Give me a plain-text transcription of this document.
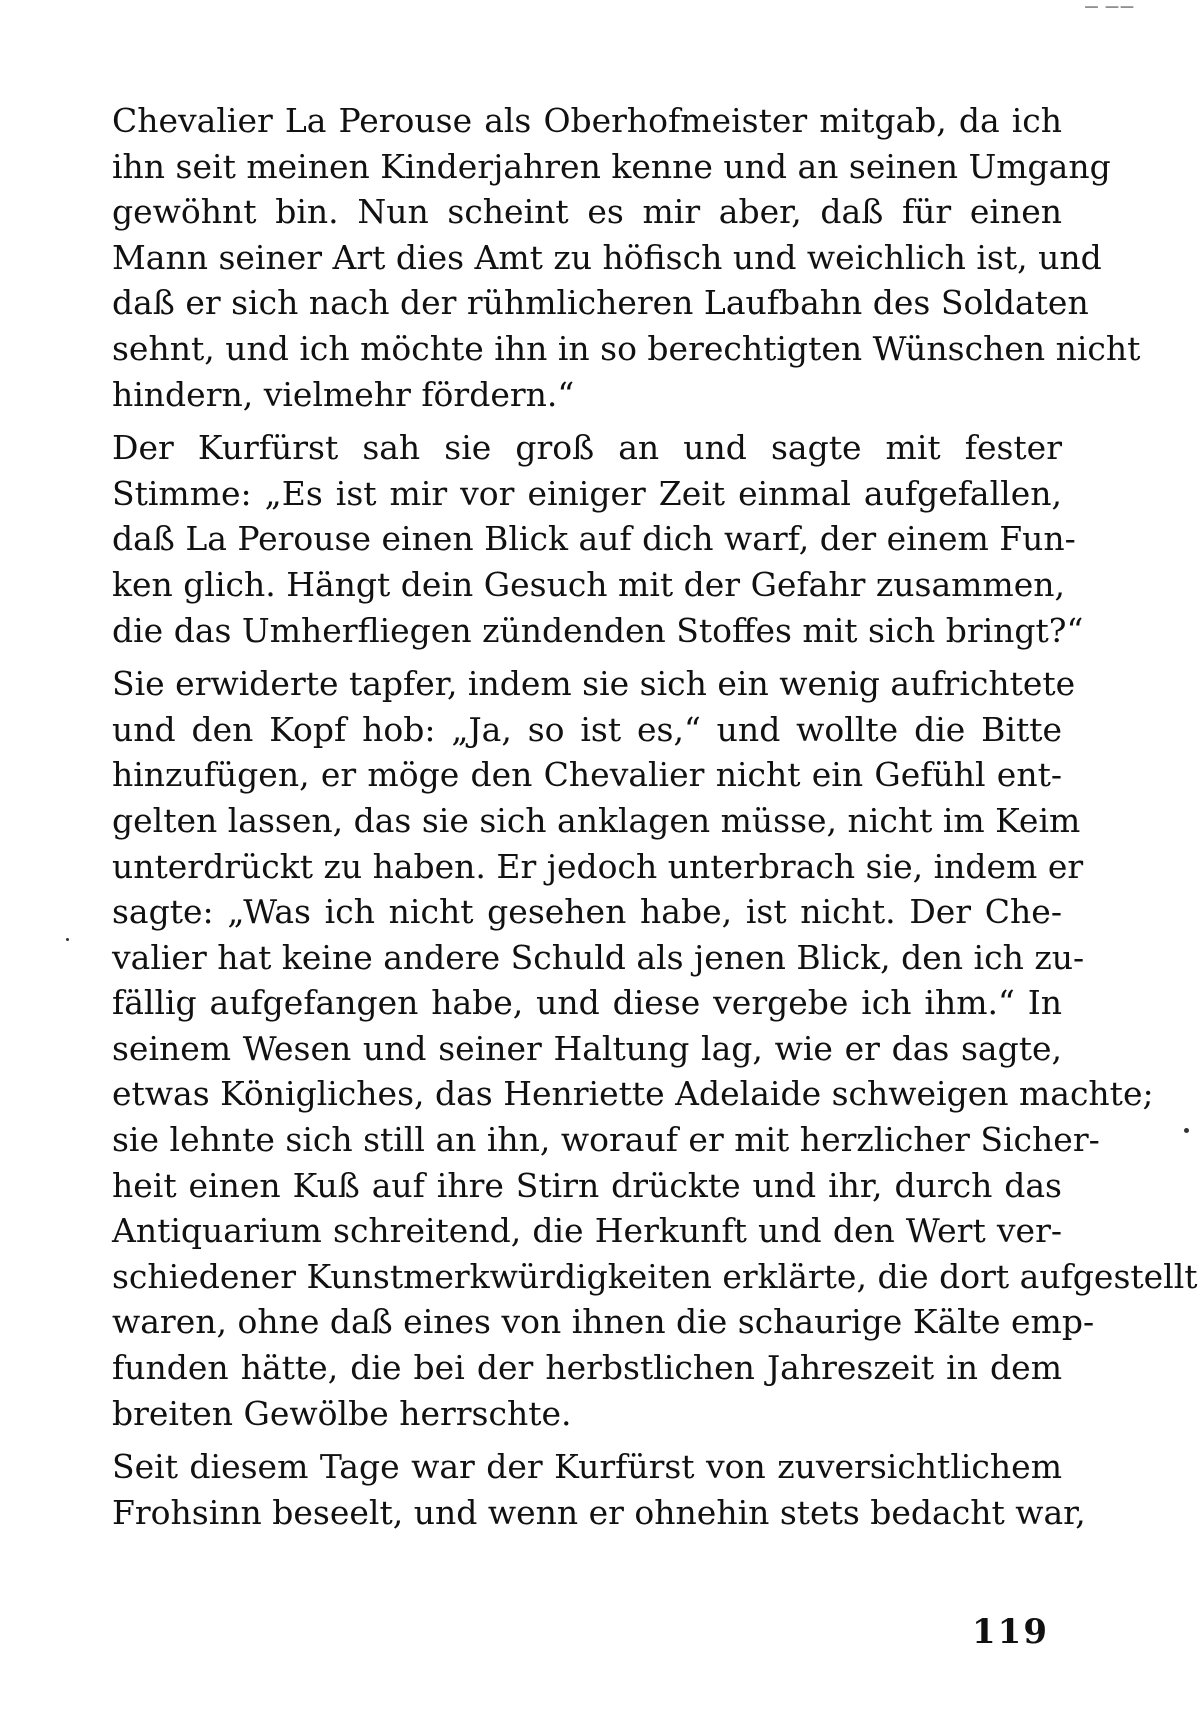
— ——
Chevalier La Perouse als Oberhofmeister mitgab, da ich
ihn seit meinen Kinderjahren kenne und an seinen Umgang
gewöhnt bin. Nun scheint es mir aber, daß für einen
Mann seiner Art dies Amt zu höfisch und weichlich ist, und
daß er sich nach der rühmlicheren Laufbahn des Soldaten
sehnt, und ich möchte ihn in so berechtigten Wünschen nicht
hindern, vielmehr fördern.“
Der Kurfürst sah sie groß an und sagte mit fester
Stimme: „Es ist mir vor einiger Zeit einmal aufgefallen,
daß La Perouse einen Blick auf dich warf, der einem Fun-
ken glich. Hängt dein Gesuch mit der Gefahr zusammen,
die das Umherfliegen zündenden Stoffes mit sich bringt?“
Sie erwiderte tapfer, indem sie sich ein wenig aufrichtete
und den Kopf hob: „Ja, so ist es,“ und wollte die Bitte
hinzufügen, er möge den Chevalier nicht ein Gefühl ent-
gelten lassen, das sie sich anklagen müsse, nicht im Keim
unterdrückt zu haben. Er jedoch unterbrach sie, indem er
sagte: „Was ich nicht gesehen habe, ist nicht. Der Che-
valier hat keine andere Schuld als jenen Blick, den ich zu-
fällig aufgefangen habe, und diese vergebe ich ihm.“ In
seinem Wesen und seiner Haltung lag, wie er das sagte,
etwas Königliches, das Henriette Adelaide schweigen machte;
sie lehnte sich still an ihn, worauf er mit herzlicher Sicher-
heit einen Kuß auf ihre Stirn drückte und ihr, durch das
Antiquarium schreitend, die Herkunft und den Wert ver-
schiedener Kunstmerkwürdigkeiten erklärte, die dort aufgestellt
waren, ohne daß eines von ihnen die schaurige Kälte emp-
funden hätte, die bei der herbstlichen Jahreszeit in dem
breiten Gewölbe herrschte.
Seit diesem Tage war der Kurfürst von zuversichtlichem
Frohsinn beseelt, und wenn er ohnehin stets bedacht war,
119
